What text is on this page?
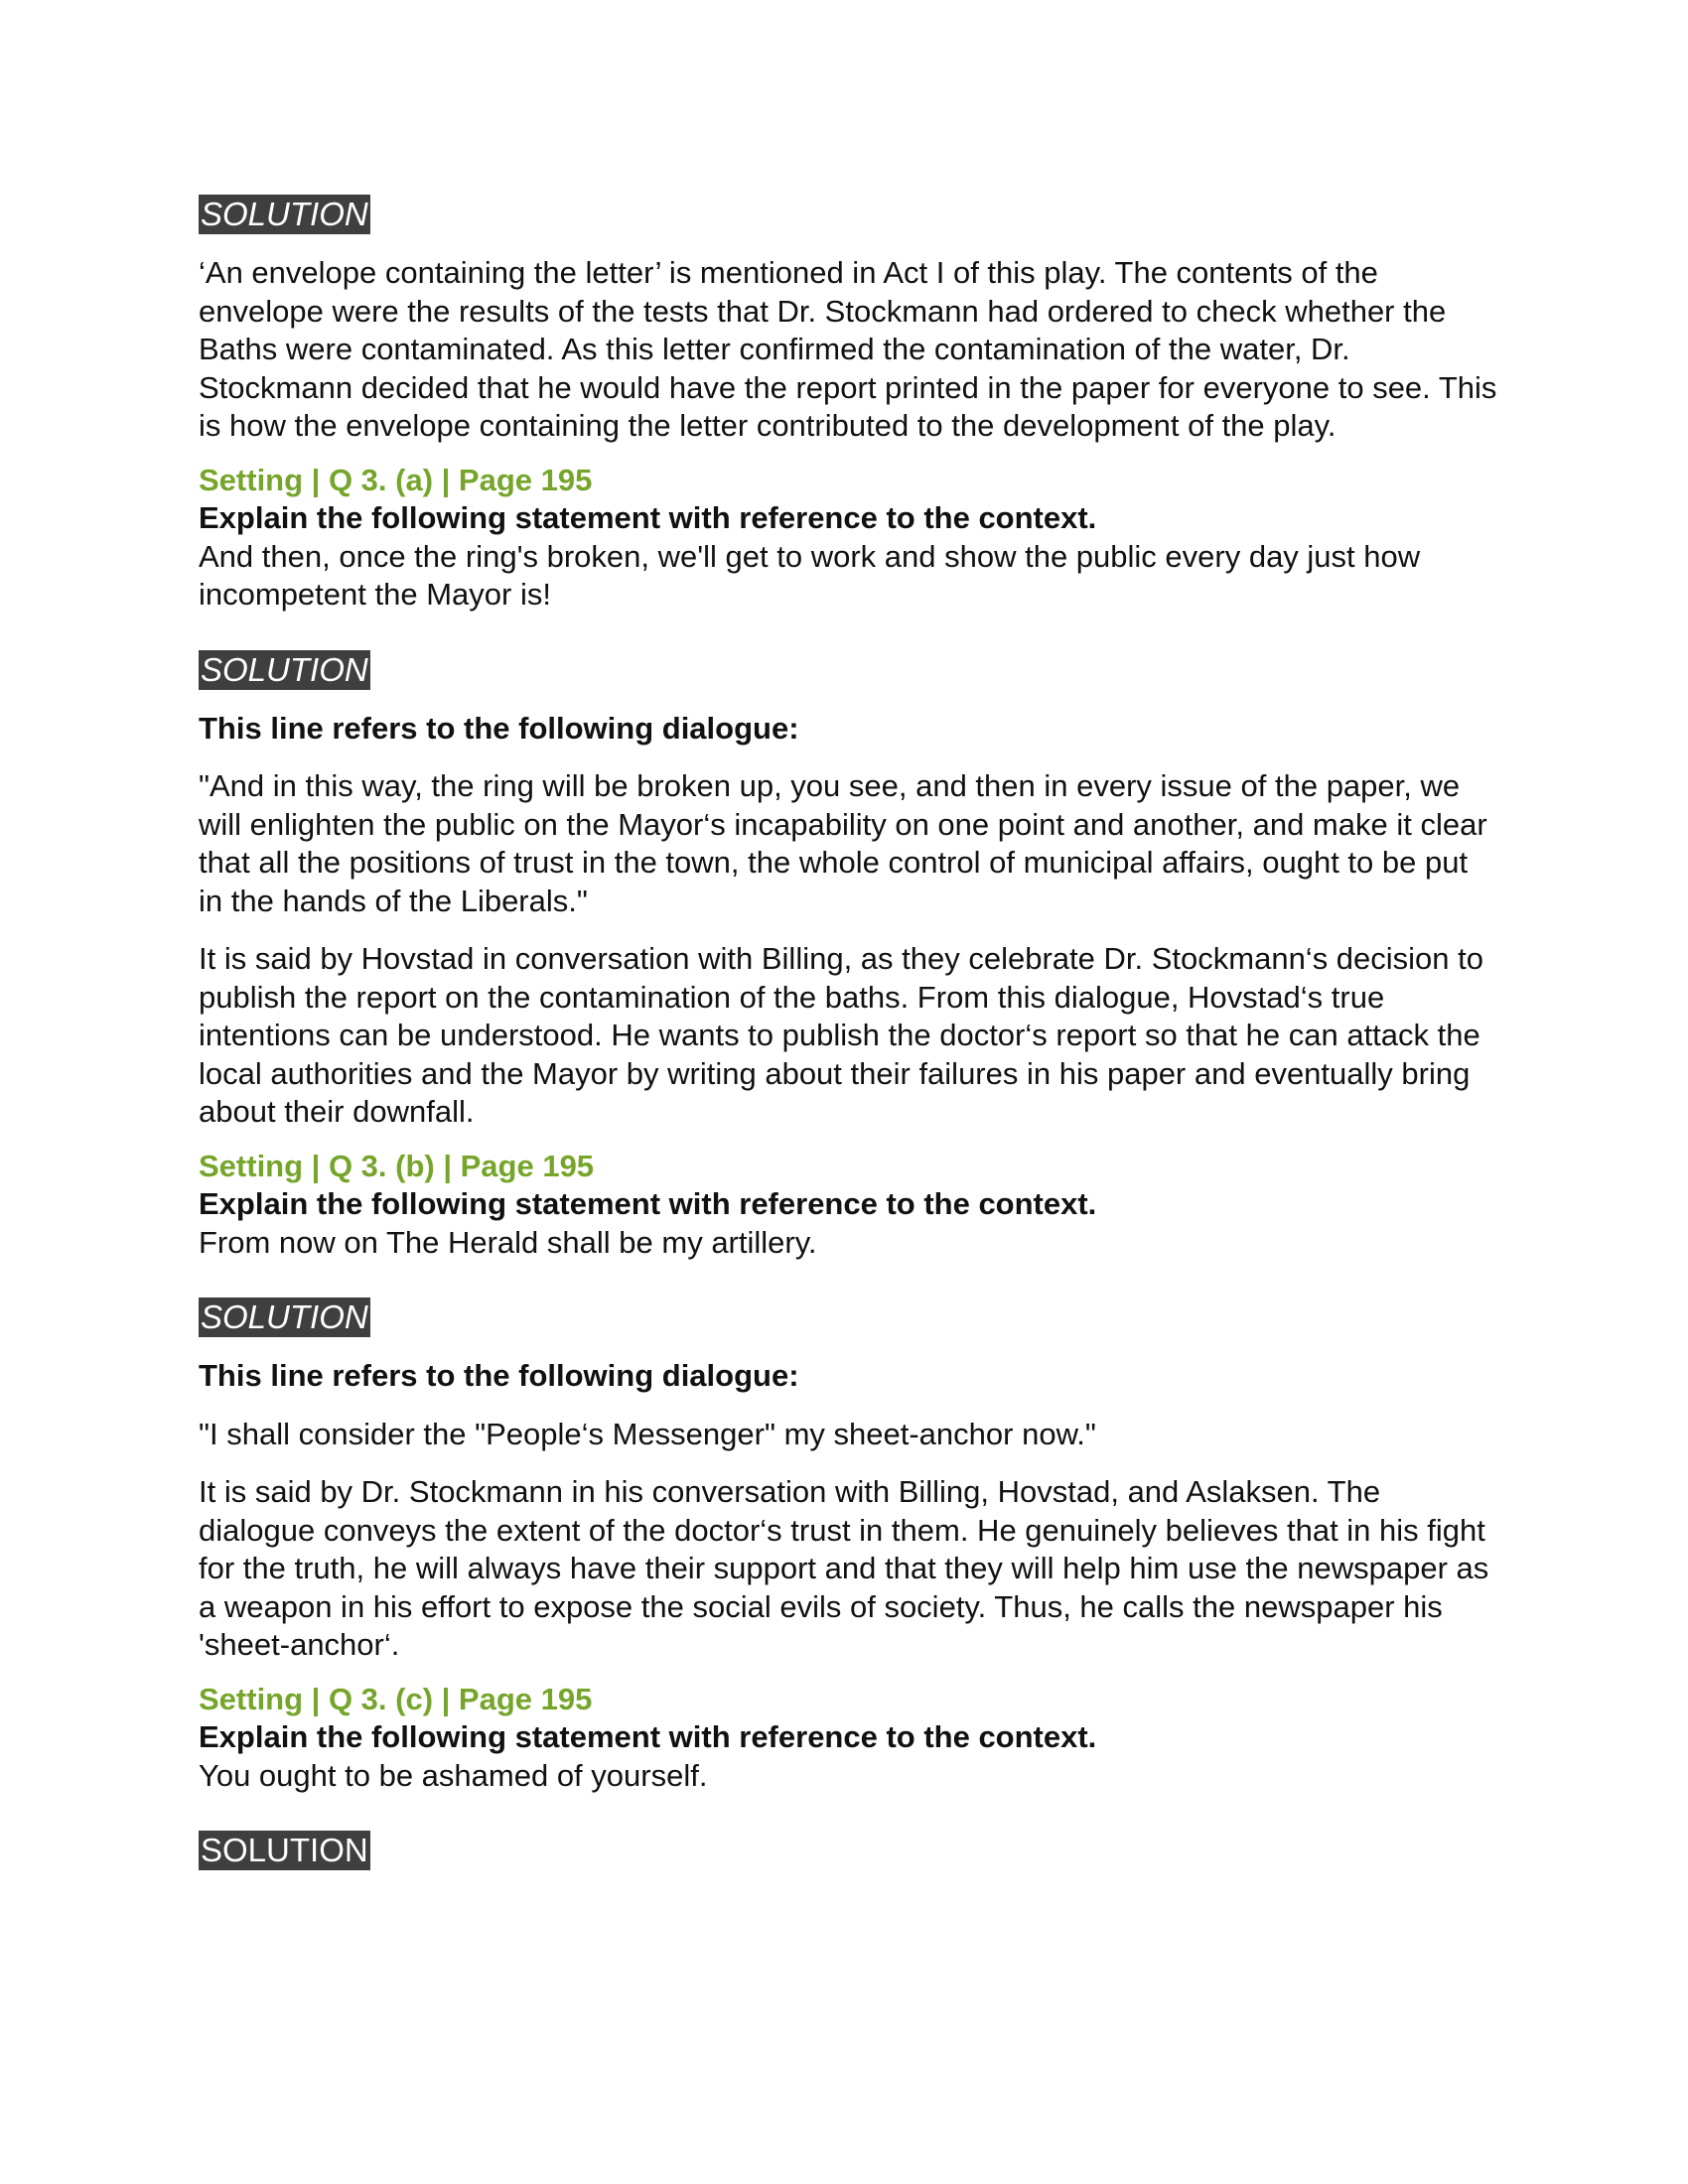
SOLUTION

‘An envelope containing the letter’ is mentioned in Act I of this play. The contents of the envelope were the results of the tests that Dr. Stockmann had ordered to check whether the Baths were contaminated. As this letter confirmed the contamination of the water, Dr. Stockmann decided that he would have the report printed in the paper for everyone to see. This is how the envelope containing the letter contributed to the development of the play.

Setting | Q 3. (a) | Page 195

Explain the following statement with reference to the context.

And then, once the ring's broken, we'll get to work and show the public every day just how incompetent the Mayor is!

SOLUTION

This line refers to the following dialogue:

"And in this way, the ring will be broken up, you see, and then in every issue of the paper, we will enlighten the public on the Mayor‘s incapability on one point and another, and make it clear that all the positions of trust in the town, the whole control of municipal affairs, ought to be put in the hands of the Liberals."

It is said by Hovstad in conversation with Billing, as they celebrate Dr. Stockmann‘s decision to publish the report on the contamination of the baths. From this dialogue, Hovstad‘s true intentions can be understood. He wants to publish the doctor‘s report so that he can attack the local authorities and the Mayor by writing about their failures in his paper and eventually bring about their downfall.

Setting | Q 3. (b) | Page 195

Explain the following statement with reference to the context.

From now on The Herald shall be my artillery.

SOLUTION

This line refers to the following dialogue:

"I shall consider the "People‘s Messenger" my sheet-anchor now."

It is said by Dr. Stockmann in his conversation with Billing, Hovstad, and Aslaksen. The dialogue conveys the extent of the doctor‘s trust in them. He genuinely believes that in his fight for the truth, he will always have their support and that they will help him use the newspaper as a weapon in his effort to expose the social evils of society. Thus, he calls the newspaper his 'sheet-anchor‘.

Setting | Q 3. (c) | Page 195

Explain the following statement with reference to the context.

You ought to be ashamed of yourself.

SOLUTION
